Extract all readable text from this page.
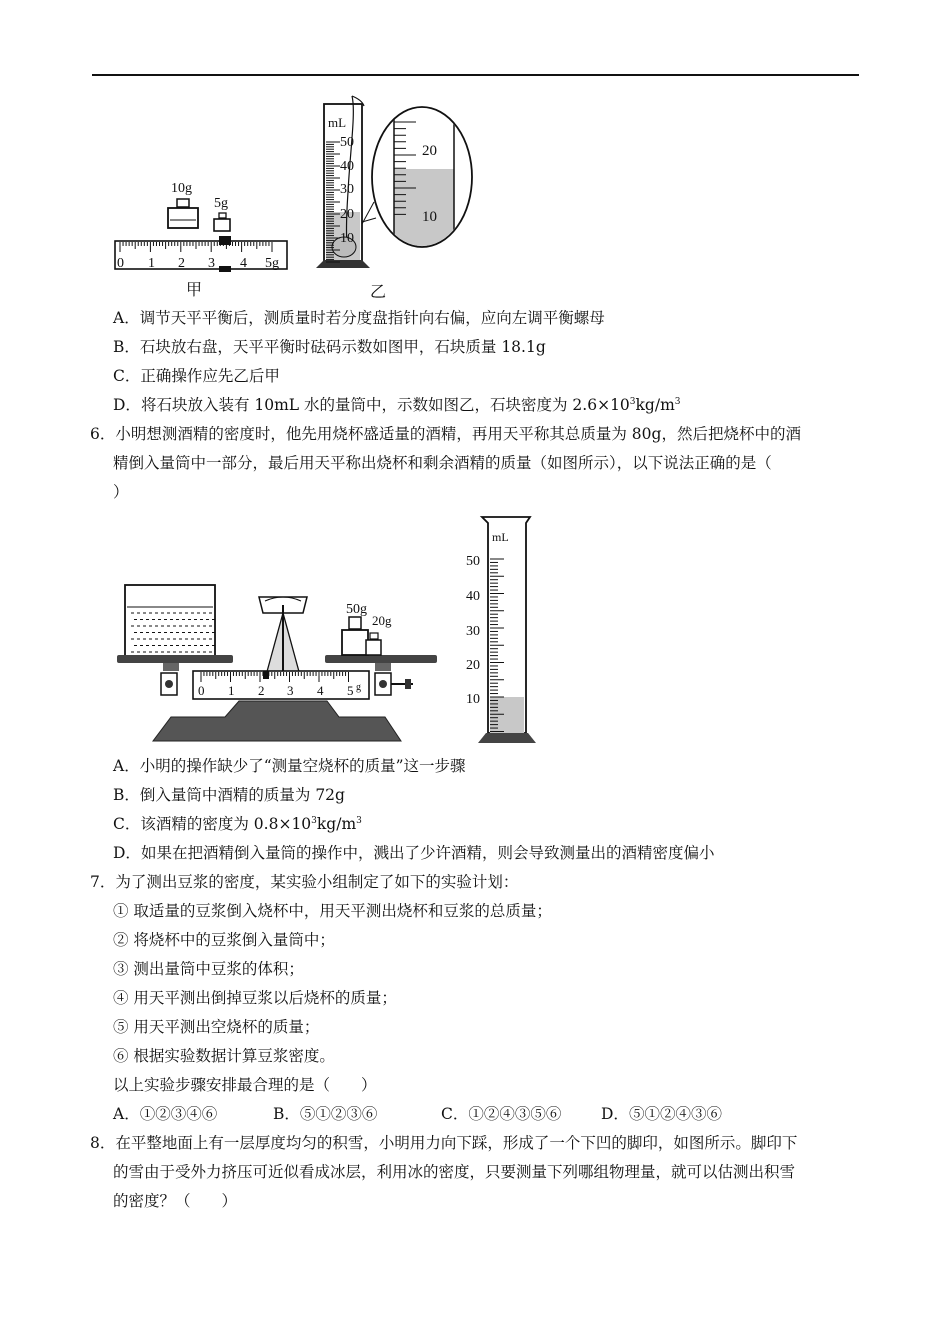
10g
5g
0 1 2 3 4 5g
甲
mL
50
40
30
20
10
20
10
乙
A．调节天平平衡后，测质量时若分度盘指针向右偏，应向左调平衡螺母
B．石块放右盘，天平平衡时砝码示数如图甲，石块质量 18.1g
C．正确操作应先乙后甲
D．将石块放入装有 10mL 水的量筒中，示数如图乙，石块密度为 $2.6\times 10^3kg/m^3$
6．小明想测酒精的密度时，他先用烧杯盛适量的酒精，再用天平称其总质量为 80g，然后把烧杯中的酒
精倒入量筒中一部分，最后用天平称出烧杯和剩余酒精的质量（如图所示），以下说法正确的是（
）
50g
20g
0 1 2 3 4 5 g
mL
50
40
30
20
10
A．小明的操作缺少了“测量空烧杯的质量”这一步骤
B．倒入量筒中酒精的质量为 72g
C．该酒精的密度为 $0.8\times 10^3kg/m^3$
D．如果在把酒精倒入量筒的操作中，溅出了少许酒精，则会导致测量出的酒精密度偏小
7．为了测出豆浆的密度，某实验小组制定了如下的实验计划：
① 取适量的豆浆倒入烧杯中，用天平测出烧杯和豆浆的总质量；
② 将烧杯中的豆浆倒入量筒中；
③ 测出量筒中豆浆的体积；
④ 用天平测出倒掉豆浆以后烧杯的质量；
⑤ 用天平测出空烧杯的质量；
⑥ 根据实验数据计算豆浆密度。
以上实验步骤安排最合理的是（　　）
A．①②③④⑥	B．⑤①②③⑥	C．①②④③⑤⑥	D．⑤①②④③⑥
8．在平整地面上有一层厚度均匀的积雪，小明用力向下踩，形成了一个下凹的脚印，如图所示。脚印下
的雪由于受外力挤压可近似看成冰层，利用冰的密度，只要测量下列哪组物理量，就可以估测出积雪
的密度？（　　）
